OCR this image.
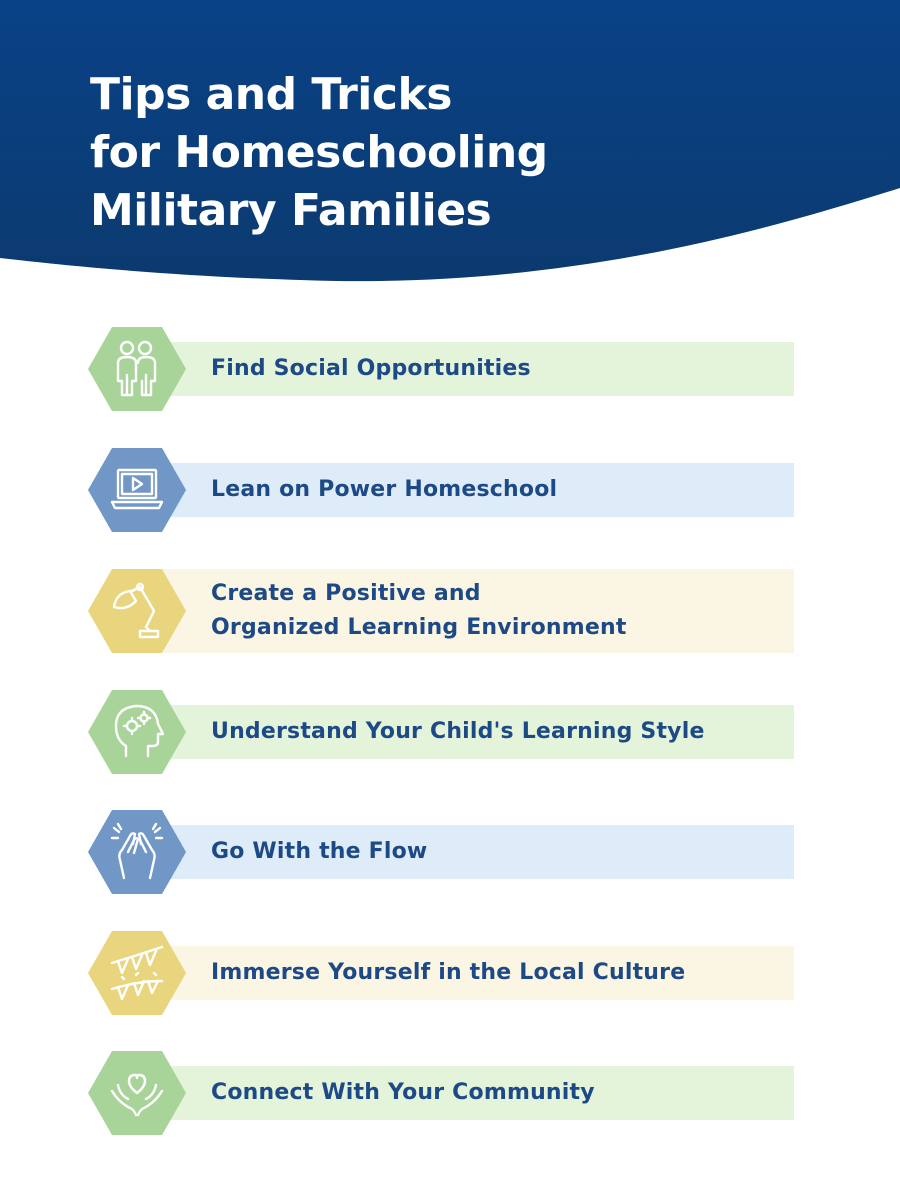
Tips and Tricks
for Homeschooling
Military Families
Find Social Opportunities
Lean on Power Homeschool
Create a Positive and
Organized Learning Environment
Understand Your Child's Learning Style
Go With the Flow
Immerse Yourself in the Local Culture
Connect With Your Community
